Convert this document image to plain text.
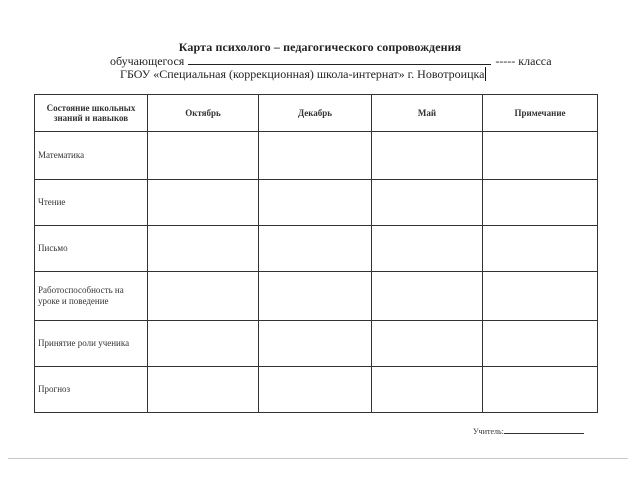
Карта психолого – педагогического сопровождения
обучающегося	----- класса
ГБОУ «Специальная (коррекционная) школа-интернат» г. Новотроицка
Состояние школьных знаний и навыков	Октябрь	Декабрь	Май	Примечание
Математика				
Чтение				
Письмо				
Работоспособность на уроке и поведение				
Принятие роли ученика				
Прогноз				
Учитель:
